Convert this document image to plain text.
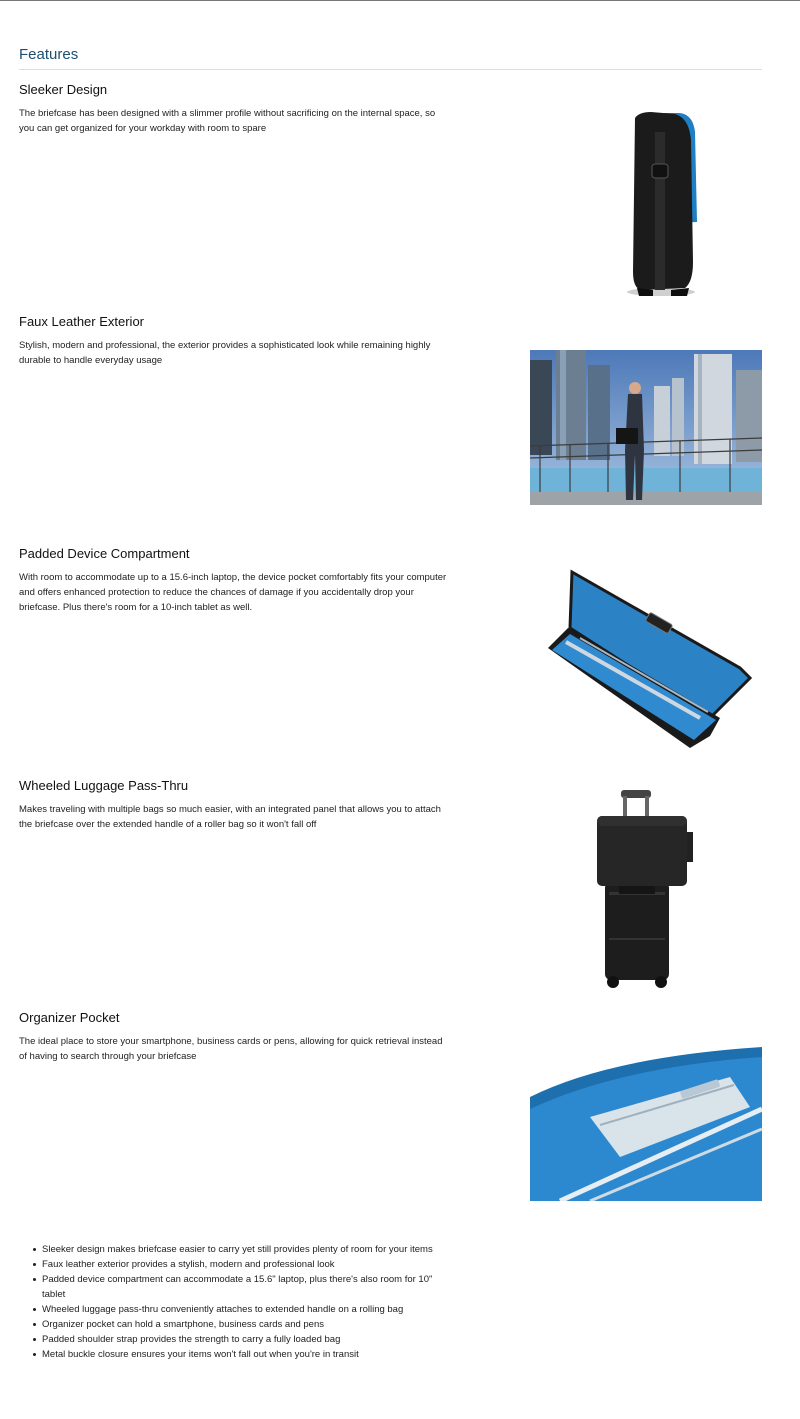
Features
Sleeker Design

The briefcase has been designed with a slimmer profile without sacrificing on the internal space, so you can get organized for your workday with room to spare

Faux Leather Exterior

Stylish, modern and professional, the exterior provides a sophisticated look while remaining highly durable to handle everyday usage

Padded Device Compartment

With room to accommodate up to a 15.6-inch laptop, the device pocket comfortably fits your computer and offers enhanced protection to reduce the chances of damage if you accidentally drop your briefcase. Plus there's room for a 10-inch tablet as well.

Wheeled Luggage Pass-Thru

Makes traveling with multiple bags so much easier, with an integrated panel that allows you to attach the briefcase over the extended handle of a roller bag so it won't fall off

Organizer Pocket

The ideal place to store your smartphone, business cards or pens, allowing for quick retrieval instead of having to search through your briefcase

Sleeker design makes briefcase easier to carry yet still provides plenty of room for your items
Faux leather exterior provides a stylish, modern and professional look
Padded device compartment can accommodate a 15.6" laptop, plus there's also room for 10" tablet
Wheeled luggage pass-thru conveniently attaches to extended handle on a rolling bag
Organizer pocket can hold a smartphone, business cards and pens
Padded shoulder strap provides the strength to carry a fully loaded bag
Metal buckle closure ensures your items won't fall out when you're in transit
